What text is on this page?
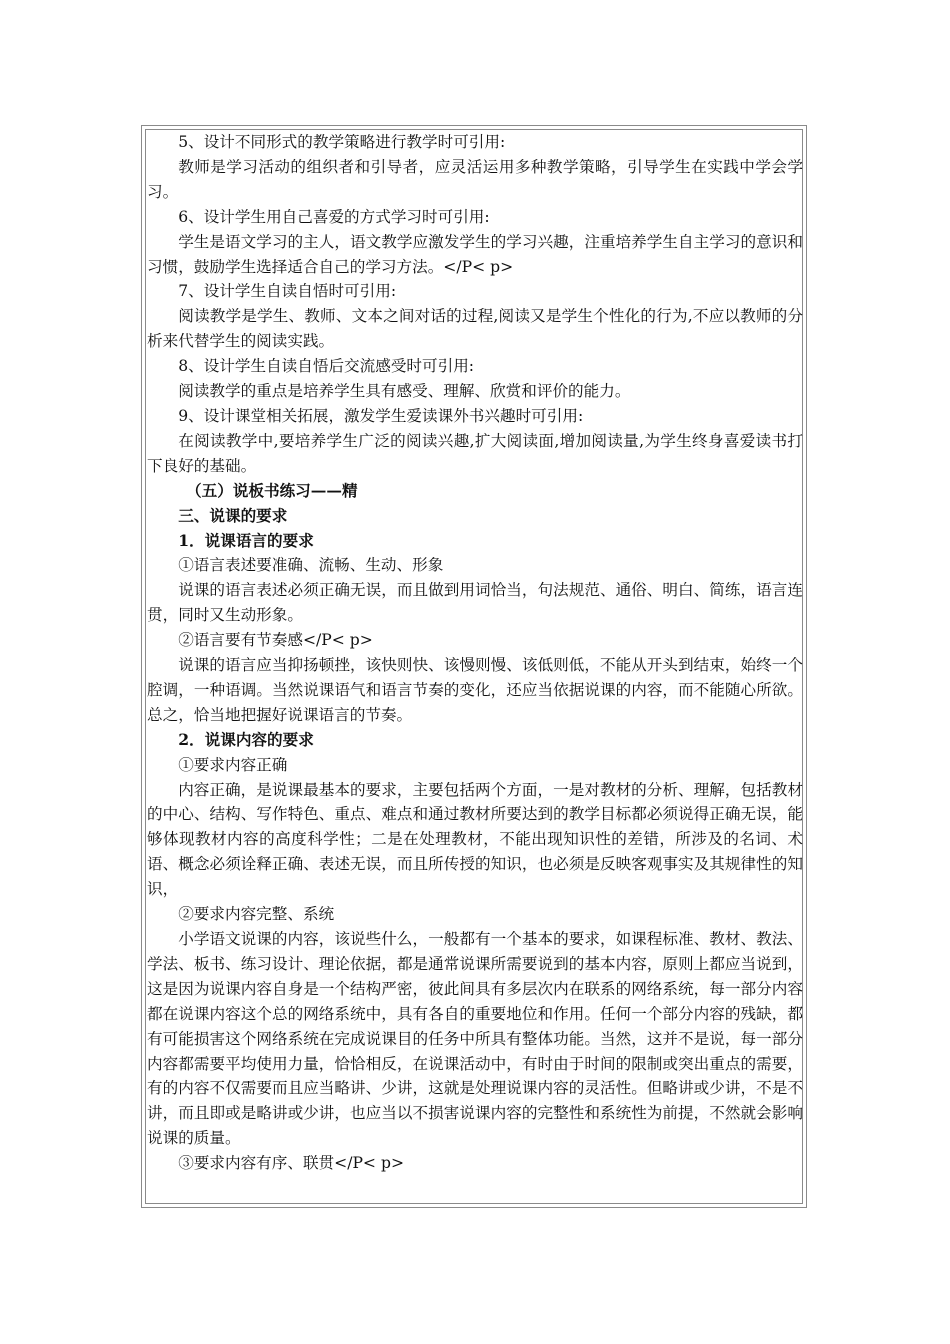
5、设计不同形式的教学策略进行教学时可引用:

教师是学习活动的组织者和引导者，应灵活运用多种教学策略，引导学生在实践中学会学习。

6、设计学生用自己喜爱的方式学习时可引用:

学生是语文学习的主人，语文教学应激发学生的学习兴趣，注重培养学生自主学习的意识和习惯，鼓励学生选择适合自己的学习方法。</P< p>

7、设计学生自读自悟时可引用:

阅读教学是学生、教师、文本之间对话的过程,阅读又是学生个性化的行为,不应以教师的分析来代替学生的阅读实践。

8、设计学生自读自悟后交流感受时可引用:

阅读教学的重点是培养学生具有感受、理解、欣赏和评价的能力。

9、设计课堂相关拓展，激发学生爱读课外书兴趣时可引用:

在阅读教学中,要培养学生广泛的阅读兴趣,扩大阅读面,增加阅读量,为学生终身喜爱读书打下良好的基础。

（五）说板书练习——精

三、说课的要求

1．说课语言的要求

①语言表述要准确、流畅、生动、形象

说课的语言表述必须正确无误，而且做到用词恰当，句法规范、通俗、明白、简练，语言连贯，同时又生动形象。

②语言要有节奏感</P< p>

说课的语言应当抑扬顿挫，该快则快、该慢则慢、该低则低，不能从开头到结束，始终一个腔调，一种语调。当然说课语气和语言节奏的变化，还应当依据说课的内容，而不能随心所欲。总之，恰当地把握好说课语言的节奏。

2．说课内容的要求

①要求内容正确

内容正确，是说课最基本的要求，主要包括两个方面，一是对教材的分析、理解，包括教材的中心、结构、写作特色、重点、难点和通过教材所要达到的教学目标都必须说得正确无误，能够体现教材内容的高度科学性；二是在处理教材，不能出现知识性的差错，所涉及的名词、术语、概念必须诠释正确、表述无误，而且所传授的知识，也必须是反映客观事实及其规律性的知识，

②要求内容完整、系统

小学语文说课的内容，该说些什么，一般都有一个基本的要求，如课程标准、教材、教法、学法、板书、练习设计、理论依据，都是通常说课所需要说到的基本内容，原则上都应当说到，这是因为说课内容自身是一个结构严密，彼此间具有多层次内在联系的网络系统，每一部分内容都在说课内容这个总的网络系统中，具有各自的重要地位和作用。任何一个部分内容的残缺，都有可能损害这个网络系统在完成说课目的任务中所具有整体功能。当然，这并不是说，每一部分内容都需要平均使用力量，恰恰相反，在说课活动中，有时由于时间的限制或突出重点的需要，有的内容不仅需要而且应当略讲、少讲，这就是处理说课内容的灵活性。但略讲或少讲，不是不讲，而且即或是略讲或少讲，也应当以不损害说课内容的完整性和系统性为前提，不然就会影响说课的质量。

③要求内容有序、联贯</P< p>
